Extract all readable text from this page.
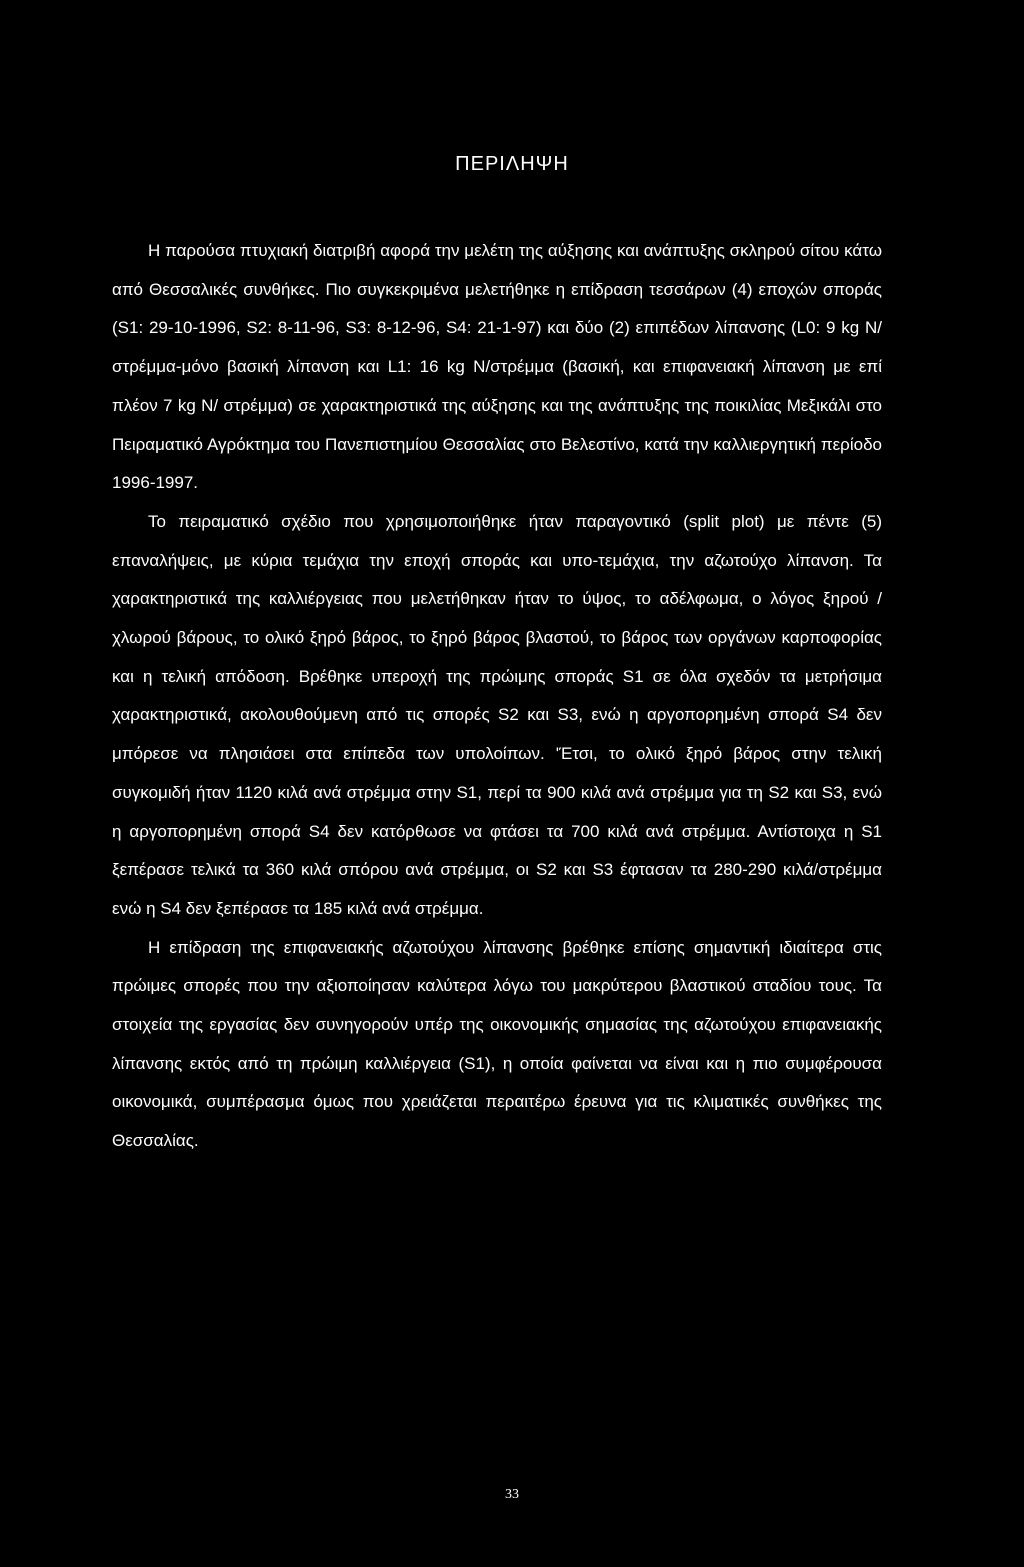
ΠΕΡΙΛΗΨΗ

Η παρούσα πτυχιακή διατριβή αφορά την μελέτη της αύξησης και ανάπτυξης σκληρού σίτου κάτω από Θεσσαλικές συνθήκες. Πιο συγκεκριμένα μελετήθηκε η επίδραση τεσσάρων (4) εποχών σποράς (S1: 29-10-1996, S2: 8-11-96, S3: 8-12-96, S4: 21-1-97) και δύο (2) επιπέδων λίπανσης (L0: 9 kg N/στρέμμα-μόνο βασική λίπανση και L1: 16 kg N/στρέμμα (βασική, και επιφανειακή λίπανση με επί πλέον 7 kg N/ στρέμμα) σε χαρακτηριστικά της αύξησης και της ανάπτυξης της ποικιλίας Μεξικάλι στο Πειραματικό Αγρόκτημα του Πανεπιστημίου Θεσσαλίας στο Βελεστίνο, κατά την καλλιεργητική περίοδο 1996-1997.

Το πειραματικό σχέδιο που χρησιμοποιήθηκε ήταν παραγοντικό (split plot) με πέντε (5) επαναλήψεις, με κύρια τεμάχια την εποχή σποράς και υπο-τεμάχια, την αζωτούχο λίπανση. Τα χαρακτηριστικά της καλλιέργειας που μελετήθηκαν ήταν το ύψος, το αδέλφωμα, ο λόγος ξηρού /χλωρού βάρους, το ολικό ξηρό βάρος, το ξηρό βάρος βλαστού, το βάρος των οργάνων καρποφορίας και η τελική απόδοση. Βρέθηκε υπεροχή της πρώιμης σποράς S1 σε όλα σχεδόν τα μετρήσιμα χαρακτηριστικά, ακολουθούμενη από τις σπορές S2 και S3, ενώ η αργοπορημένη σπορά S4 δεν μπόρεσε να πλησιάσει στα επίπεδα των υπολοίπων. 'Έτσι, το ολικό ξηρό βάρος στην τελική συγκομιδή ήταν 1120 κιλά ανά στρέμμα στην S1, περί τα 900 κιλά ανά στρέμμα για τη S2 και S3, ενώ η αργοπορημένη σπορά S4 δεν κατόρθωσε να φτάσει τα 700 κιλά ανά στρέμμα. Αντίστοιχα η S1 ξεπέρασε τελικά τα 360 κιλά σπόρου ανά στρέμμα, οι S2 και S3 έφτασαν τα 280-290 κιλά/στρέμμα ενώ η S4 δεν ξεπέρασε τα 185 κιλά ανά στρέμμα.

Η επίδραση της επιφανειακής αζωτούχου λίπανσης βρέθηκε επίσης σημαντική ιδιαίτερα στις πρώιμες σπορές που την αξιοποίησαν καλύτερα λόγω του μακρύτερου βλαστικού σταδίου τους. Τα στοιχεία της εργασίας δεν συνηγορούν υπέρ της οικονομικής σημασίας της αζωτούχου επιφανειακής λίπανσης εκτός από τη πρώιμη καλλιέργεια (S1), η οποία φαίνεται να είναι και η πιο συμφέρουσα οικονομικά, συμπέρασμα όμως που χρειάζεται περαιτέρω έρευνα για τις κλιματικές συνθήκες της Θεσσαλίας.

33
